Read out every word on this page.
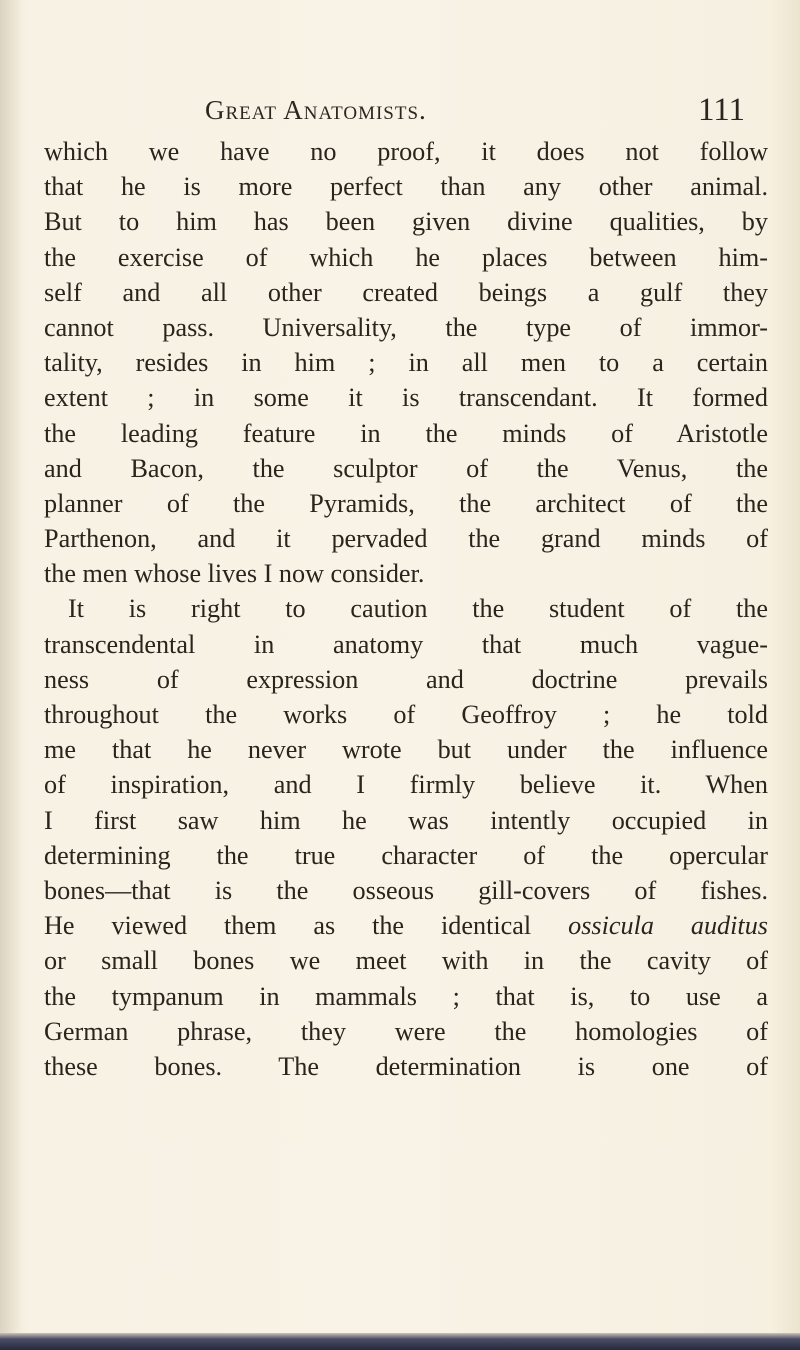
Great Anatomists.	111
which we have no proof, it does not follow
that he is more perfect than any other animal.
But to him has been given divine qualities, by
the exercise of which he places between him-
self and all other created beings a gulf they
cannot pass. Universality, the type of immor-
tality, resides in him ; in all men to a certain
extent ; in some it is transcendant. It formed
the leading feature in the minds of Aristotle
and Bacon, the sculptor of the Venus, the
planner of the Pyramids, the architect of the
Parthenon, and it pervaded the grand minds of
the men whose lives I now consider.
It is right to caution the student of the
transcendental in anatomy that much vague-
ness of expression and doctrine prevails
throughout the works of Geoffroy ; he told
me that he never wrote but under the influence
of inspiration, and I firmly believe it. When
I first saw him he was intently occupied in
determining the true character of the opercular
bones—that is the osseous gill-covers of fishes.
He viewed them as the identical ossicula auditus
or small bones we meet with in the cavity of
the tympanum in mammals ; that is, to use a
German phrase, they were the homologies of
these bones. The determination is one of
